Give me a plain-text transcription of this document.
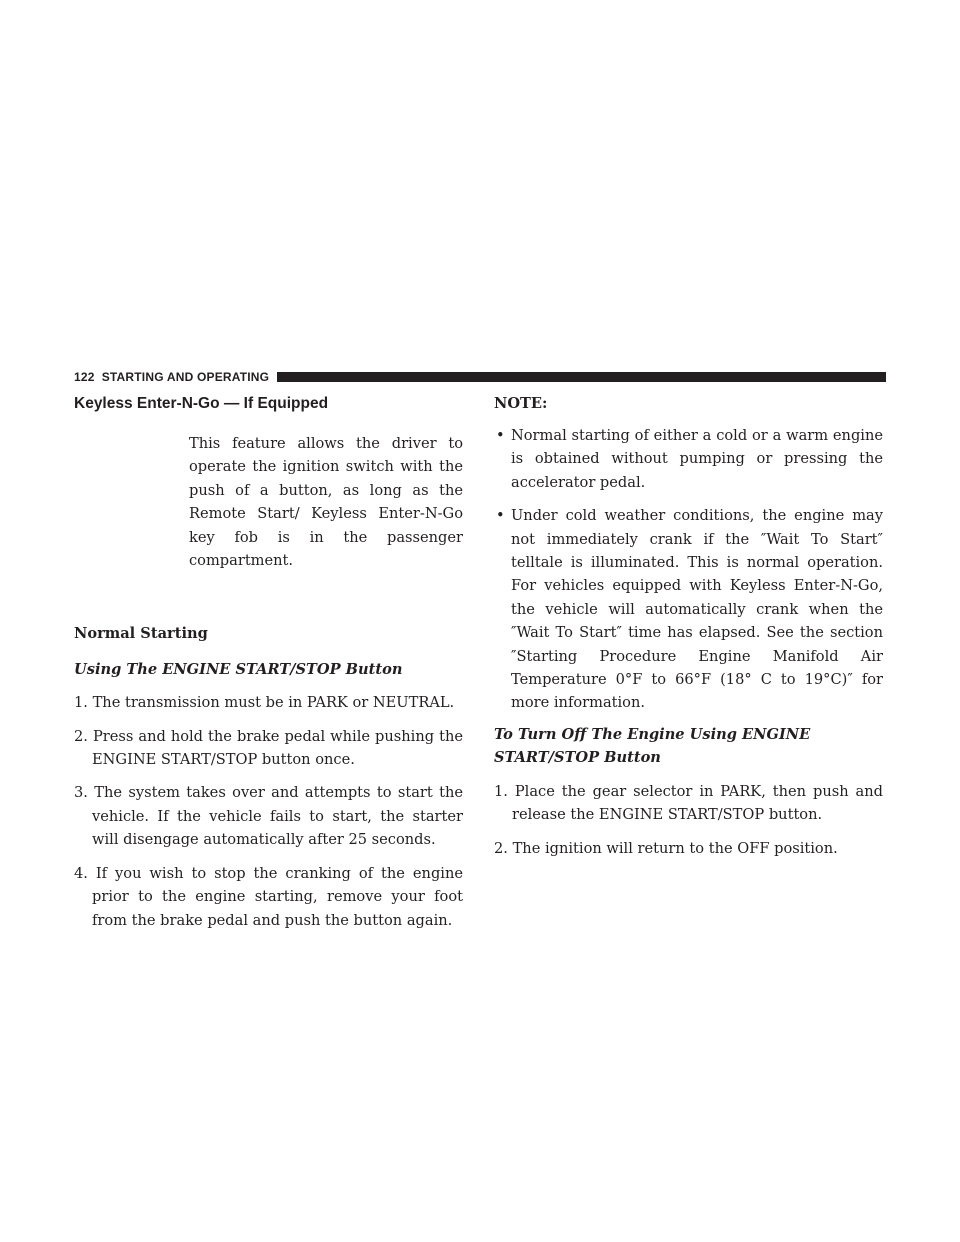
122 STARTING AND OPERATING
Keyless Enter-N-Go — If Equipped

This feature allows the driver to operate the ignition switch with the push of a button, as long as the Remote Start/ Keyless Enter-N-Go key fob is in the passenger compartment.

Normal Starting

Using The ENGINE START/STOP Button

1. The transmission must be in PARK or NEUTRAL.
2. Press and hold the brake pedal while pushing the ENGINE START/STOP button once.
3. The system takes over and attempts to start the vehicle. If the vehicle fails to start, the starter will disengage automatically after 25 seconds.
4. If you wish to stop the cranking of the engine prior to the engine starting, remove your foot from the brake pedal and push the button again.

NOTE:

• Normal starting of either a cold or a warm engine is obtained without pumping or pressing the accelerator pedal.
• Under cold weather conditions, the engine may not immediately crank if the ″Wait To Start″ telltale is illuminated. This is normal operation. For vehicles equipped with Keyless Enter-N-Go, the vehicle will automatically crank when the ″Wait To Start″ time has elapsed. See the section ″Starting Procedure Engine Manifold Air Temperature 0°F to 66°F (18° C to 19°C)″ for more information.

To Turn Off The Engine Using ENGINE START/STOP Button

1. Place the gear selector in PARK, then push and release the ENGINE START/STOP button.
2. The ignition will return to the OFF position.
